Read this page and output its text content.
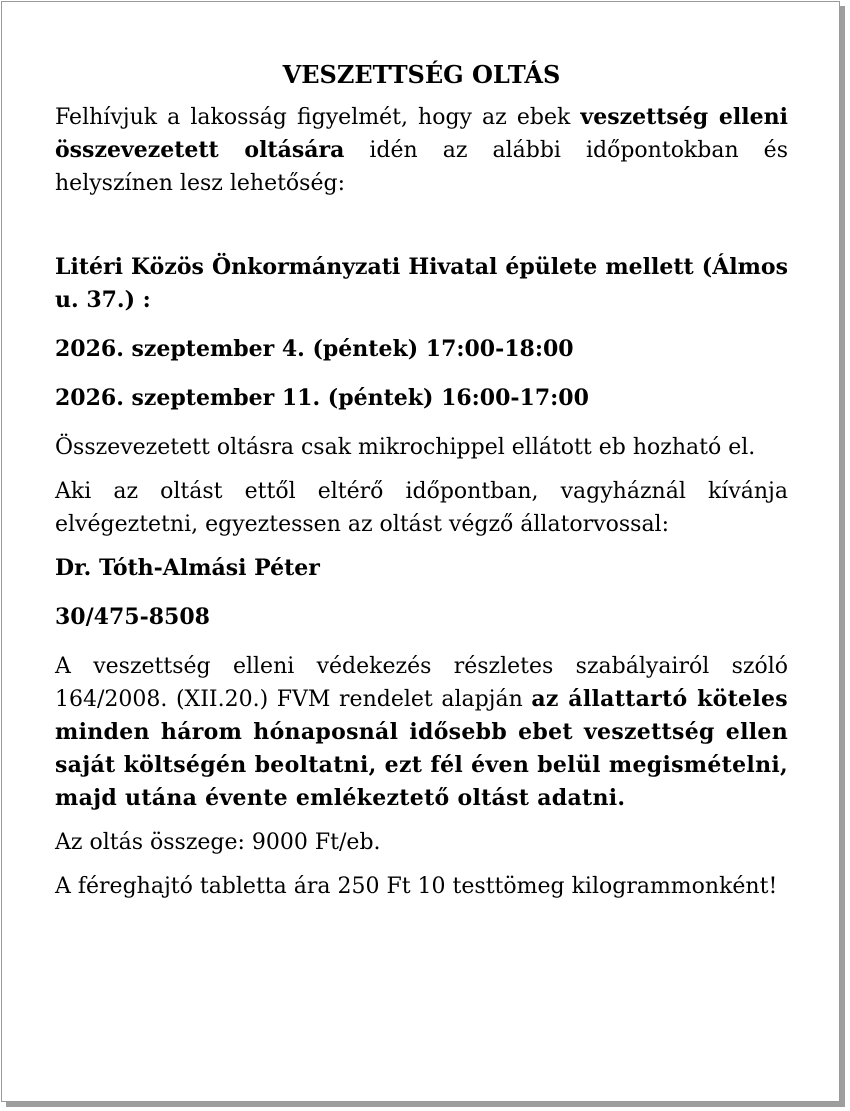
VESZETTSÉG OLTÁS

Felhívjuk a lakosság figyelmét, hogy az ebek veszettség elleni összevezetett oltására idén az alábbi időpontokban és helyszínen lesz lehetőség:

Litéri Közös Önkormányzati Hivatal épülete mellett (Álmos u. 37.) :

2026. szeptember 4. (péntek) 17:00-18:00

2026. szeptember 11. (péntek) 16:00-17:00

Összevezetett oltásra csak mikrochippel ellátott eb hozható el.

Aki az oltást ettől eltérő időpontban, vagyháznál kívánja elvégeztetni, egyeztessen az oltást végző állatorvossal:

Dr. Tóth-Almási Péter

30/475-8508

A veszettség elleni védekezés részletes szabályairól szóló 164/2008. (XII.20.) FVM rendelet alapján az állattartó köteles minden három hónaposnál idősebb ebet veszettség ellen saját költségén beoltatni, ezt fél éven belül megismételni, majd utána évente emlékeztető oltást adatni.

Az oltás összege: 9000 Ft/eb.

A féreghajtó tabletta ára 250 Ft 10 testtömeg kilogrammonként!
